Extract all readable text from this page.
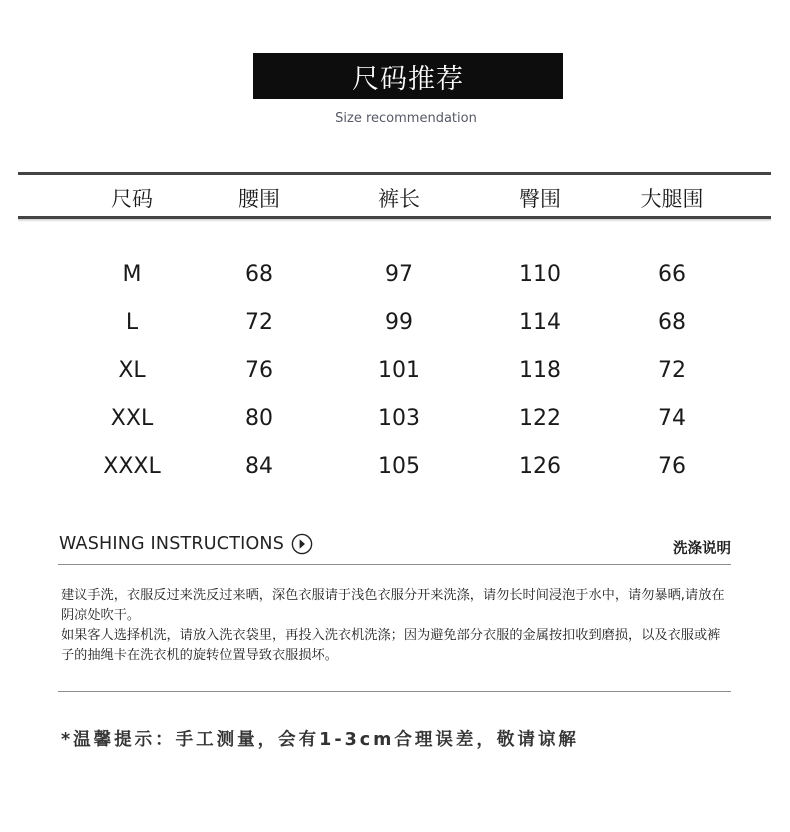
尺码推荐
Size recommendation
尺码	腰围	裤长	臀围	大腿围
M	68	97	110	66
L	72	99	114	68
XL	76	101	118	72
XXL	80	103	122	74
XXXL	84	105	126	76
WASHING INSTRUCTIONS	洗涤说明

建议手洗，衣服反过来洗反过来晒，深色衣服请于浅色衣服分开来洗涤，请勿长时间浸泡于水中，请勿暴晒,请放在阴凉处吹干。

如果客人选择机洗，请放入洗衣袋里，再投入洗衣机洗涤；因为避免部分衣服的金属按扣收到磨损，以及衣服或裤子的抽绳卡在洗衣机的旋转位置导致衣服损坏。

*温馨提示：手工测量，会有1-3cm合理误差，敬请谅解
